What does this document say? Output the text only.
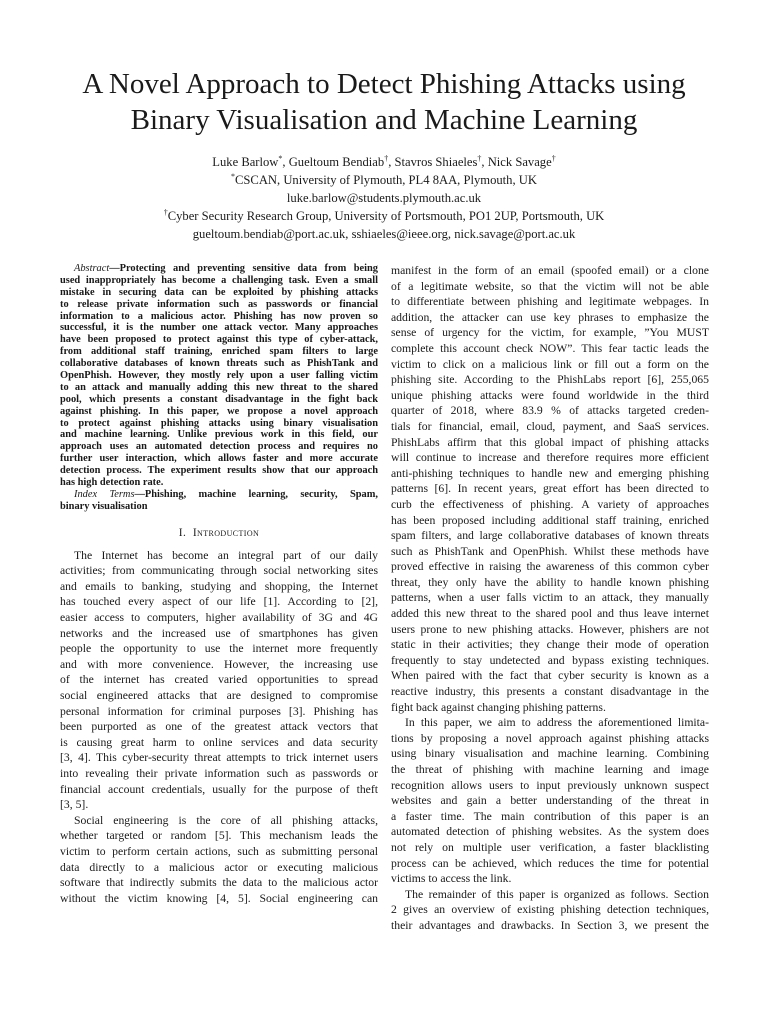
A Novel Approach to Detect Phishing Attacks using
Binary Visualisation and Machine Learning
Luke Barlow*, Gueltoum Bendiab†, Stavros Shiaeles†, Nick Savage†
*CSCAN, University of Plymouth, PL4 8AA, Plymouth, UK
luke.barlow@students.plymouth.ac.uk
†Cyber Security Research Group, University of Portsmouth, PO1 2UP, Portsmouth, UK
gueltoum.bendiab@port.ac.uk, sshiaeles@ieee.org, nick.savage@port.ac.uk
Abstract—Protecting and preventing sensitive data from being
used inappropriately has become a challenging task. Even a small
mistake in securing data can be exploited by phishing attacks
to release private information such as passwords or financial
information to a malicious actor. Phishing has now proven so
successful, it is the number one attack vector. Many approaches
have been proposed to protect against this type of cyber-attack,
from additional staff training, enriched spam filters to large
collaborative databases of known threats such as PhishTank and
OpenPhish. However, they mostly rely upon a user falling victim
to an attack and manually adding this new threat to the shared
pool, which presents a constant disadvantage in the fight back
against phishing. In this paper, we propose a novel approach
to protect against phishing attacks using binary visualisation
and machine learning. Unlike previous work in this field, our
approach uses an automated detection process and requires no
further user interaction, which allows faster and more accurate
detection process. The experiment results show that our approach
has high detection rate.
Index Terms—Phishing, machine learning, security, Spam,
binary visualisation
I. Introduction
The Internet has become an integral part of our daily
activities; from communicating through social networking sites
and emails to banking, studying and shopping, the Internet
has touched every aspect of our life [1]. According to [2],
easier access to computers, higher availability of 3G and 4G
networks and the increased use of smartphones has given
people the opportunity to use the internet more frequently
and with more convenience. However, the increasing use
of the internet has created varied opportunities to spread
social engineered attacks that are designed to compromise
personal information for criminal purposes [3]. Phishing has
been purported as one of the greatest attack vectors that
is causing great harm to online services and data security
[3, 4]. This cyber-security threat attempts to trick internet users
into revealing their private information such as passwords or
financial account credentials, usually for the purpose of theft
[3, 5].
Social engineering is the core of all phishing attacks,
whether targeted or random [5]. This mechanism leads the
victim to perform certain actions, such as submitting personal
data directly to a malicious actor or executing malicious
software that indirectly submits the data to the malicious actor
without the victim knowing [4, 5]. Social engineering can
manifest in the form of an email (spoofed email) or a clone
of a legitimate website, so that the victim will not be able
to differentiate between phishing and legitimate webpages. In
addition, the attacker can use key phrases to emphasize the
sense of urgency for the victim, for example, ”You MUST
complete this account check NOW”. This fear tactic leads the
victim to click on a malicious link or fill out a form on the
phishing site. According to the PhishLabs report [6], 255,065
unique phishing attacks were found worldwide in the third
quarter of 2018, where 83.9 % of attacks targeted creden-
tials for financial, email, cloud, payment, and SaaS services.
PhishLabs affirm that this global impact of phishing attacks
will continue to increase and therefore requires more efficient
anti-phishing techniques to handle new and emerging phishing
patterns [6]. In recent years, great effort has been directed to
curb the effectiveness of phishing. A variety of approaches
has been proposed including additional staff training, enriched
spam filters, and large collaborative databases of known threats
such as PhishTank and OpenPhish. Whilst these methods have
proved effective in raising the awareness of this common cyber
threat, they only have the ability to handle known phishing
patterns, when a user falls victim to an attack, they manually
added this new threat to the shared pool and thus leave internet
users prone to new phishing attacks. However, phishers are not
static in their activities; they change their mode of operation
frequently to stay undetected and bypass existing techniques.
When paired with the fact that cyber security is known as a
reactive industry, this presents a constant disadvantage in the
fight back against changing phishing patterns.
In this paper, we aim to address the aforementioned limita-
tions by proposing a novel approach against phishing attacks
using binary visualisation and machine learning. Combining
the threat of phishing with machine learning and image
recognition allows users to input previously unknown suspect
websites and gain a better understanding of the threat in
a faster time. The main contribution of this paper is an
automated detection of phishing websites. As the system does
not rely on multiple user verification, a faster blacklisting
process can be achieved, which reduces the time for potential
victims to access the link.
The remainder of this paper is organized as follows. Section
2 gives an overview of existing phishing detection techniques,
their advantages and drawbacks. In Section 3, we present the
